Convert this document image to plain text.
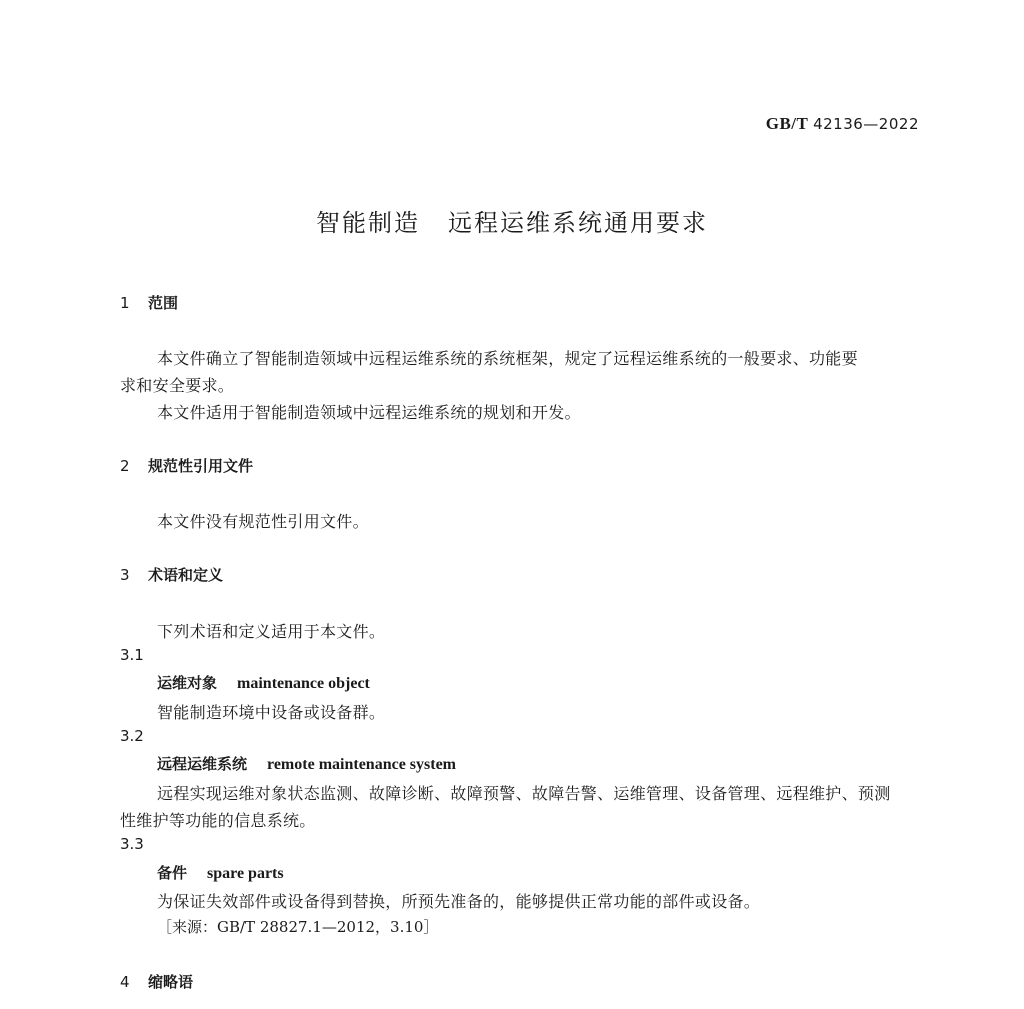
GB/T 42136—2022
智能制造 远程运维系统通用要求
1 范围
本文件确立了智能制造领域中远程运维系统的系统框架，规定了远程运维系统的一般要求、功能要
求和安全要求。
本文件适用于智能制造领域中远程运维系统的规划和开发。
2 规范性引用文件
本文件没有规范性引用文件。
3 术语和定义
下列术语和定义适用于本文件。
3.1
运维对象 maintenance object
智能制造环境中设备或设备群。
3.2
远程运维系统 remote maintenance system
远程实现运维对象状态监测、故障诊断、故障预警、故障告警、运维管理、设备管理、远程维护、预测
性维护等功能的信息系统。
3.3
备件 spare parts
为保证失效部件或设备得到替换，所预先准备的，能够提供正常功能的部件或设备。
［来源：GB/T 28827.1—2012，3.10］
4 缩略语
